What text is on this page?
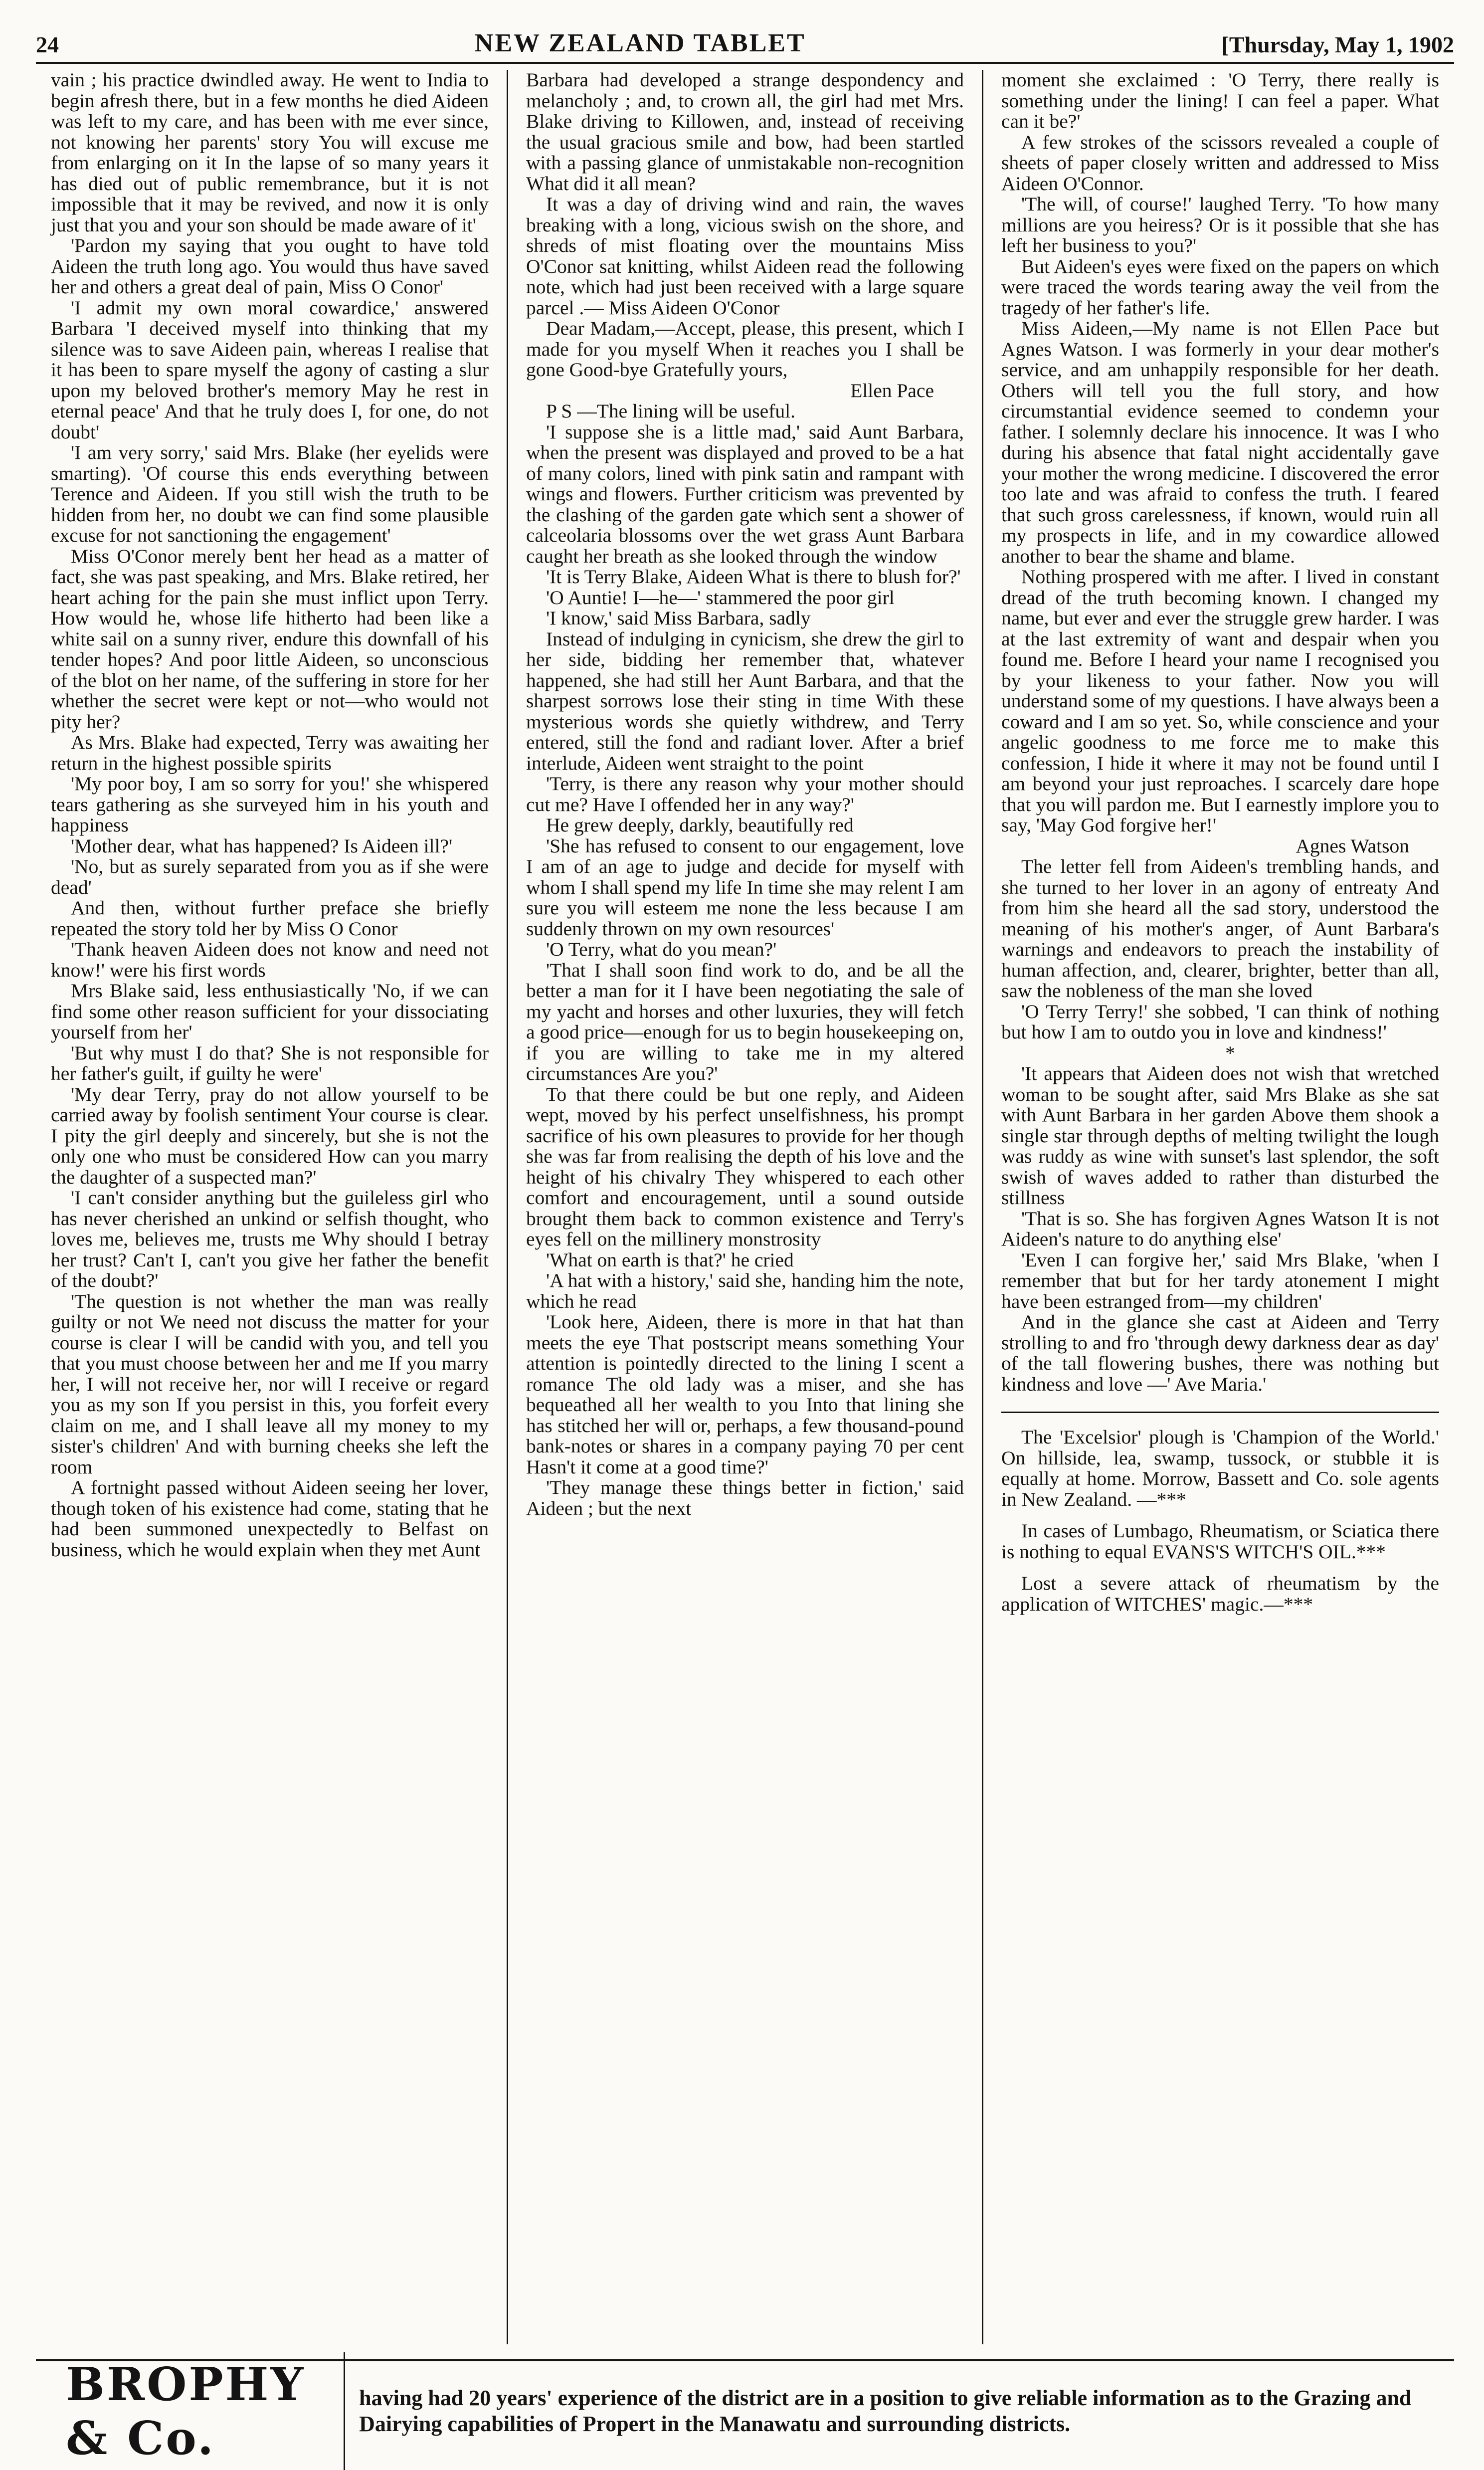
24	NEW ZEALAND TABLET	[Thursday, May 1, 1902

vain ; his practice dwindled away. He went to India to begin afresh there, but in a few months he died Aideen was left to my care, and has been with me ever since, not knowing her parents' story You will excuse me from enlarging on it In the lapse of so many years it has died out of public remembrance, but it is not impossible that it may be revived, and now it is only just that you and your son should be made aware of it'

'Pardon my saying that you ought to have told Aideen the truth long ago. You would thus have saved her and others a great deal of pain, Miss O Conor'

'I admit my own moral cowardice,' answered Barbara 'I deceived myself into thinking that my silence was to save Aideen pain, whereas I realise that it has been to spare myself the agony of casting a slur upon my beloved brother's memory May he rest in eternal peace' And that he truly does I, for one, do not doubt'

'I am very sorry,' said Mrs. Blake (her eyelids were smarting). 'Of course this ends everything between Terence and Aideen. If you still wish the truth to be hidden from her, no doubt we can find some plausible excuse for not sanctioning the engagement'

Miss O'Conor merely bent her head as a matter of fact, she was past speaking, and Mrs. Blake retired, her heart aching for the pain she must inflict upon Terry. How would he, whose life hitherto had been like a white sail on a sunny river, endure this downfall of his tender hopes? And poor little Aideen, so unconscious of the blot on her name, of the suffering in store for her whether the secret were kept or not—who would not pity her?

As Mrs. Blake had expected, Terry was awaiting her return in the highest possible spirits

'My poor boy, I am so sorry for you!' she whispered tears gathering as she surveyed him in his youth and happiness

'Mother dear, what has happened? Is Aideen ill?'

'No, but as surely separated from you as if she were dead'

And then, without further preface she briefly repeated the story told her by Miss O Conor

'Thank heaven Aideen does not know and need not know!' were his first words

Mrs Blake said, less enthusiastically 'No, if we can find some other reason sufficient for your dissociating yourself from her'

'But why must I do that? She is not responsible for her father's guilt, if guilty he were'

'My dear Terry, pray do not allow yourself to be carried away by foolish sentiment Your course is clear. I pity the girl deeply and sincerely, but she is not the only one who must be considered How can you marry the daughter of a suspected man?'

'I can't consider anything but the guileless girl who has never cherished an unkind or selfish thought, who loves me, believes me, trusts me Why should I betray her trust? Can't I, can't you give her father the benefit of the doubt?'

'The question is not whether the man was really guilty or not We need not discuss the matter for your course is clear I will be candid with you, and tell you that you must choose between her and me If you marry her, I will not receive her, nor will I receive or regard you as my son If you persist in this, you forfeit every claim on me, and I shall leave all my money to my sister's children' And with burning cheeks she left the room

A fortnight passed without Aideen seeing her lover, though token of his existence had come, stating that he had been summoned unexpectedly to Belfast on business, which he would explain when they met Aunt

Barbara had developed a strange despondency and melancholy ; and, to crown all, the girl had met Mrs. Blake driving to Killowen, and, instead of receiving the usual gracious smile and bow, had been startled with a passing glance of unmistakable non-recognition What did it all mean?

It was a day of driving wind and rain, the waves breaking with a long, vicious swish on the shore, and shreds of mist floating over the mountains Miss O'Conor sat knitting, whilst Aideen read the following note, which had just been received with a large square parcel .— Miss Aideen O'Conor

Dear Madam,—Accept, please, this present, which I made for you myself When it reaches you I shall be gone Good-bye Gratefully yours,

Ellen Pace

P S —The lining will be useful.

'I suppose she is a little mad,' said Aunt Barbara, when the present was displayed and proved to be a hat of many colors, lined with pink satin and rampant with wings and flowers. Further criticism was prevented by the clashing of the garden gate which sent a shower of calceolaria blossoms over the wet grass Aunt Barbara caught her breath as she looked through the window

'It is Terry Blake, Aideen What is there to blush for?'

'O Auntie! I—he—' stammered the poor girl

'I know,' said Miss Barbara, sadly

Instead of indulging in cynicism, she drew the girl to her side, bidding her remember that, whatever happened, she had still her Aunt Barbara, and that the sharpest sorrows lose their sting in time With these mysterious words she quietly withdrew, and Terry entered, still the fond and radiant lover. After a brief interlude, Aideen went straight to the point

'Terry, is there any reason why your mother should cut me? Have I offended her in any way?'

He grew deeply, darkly, beautifully red

'She has refused to consent to our engagement, love I am of an age to judge and decide for myself with whom I shall spend my life In time she may relent I am sure you will esteem me none the less because I am suddenly thrown on my own resources'

'O Terry, what do you mean?'

'That I shall soon find work to do, and be all the better a man for it I have been negotiating the sale of my yacht and horses and other luxuries, they will fetch a good price—enough for us to begin housekeeping on, if you are willing to take me in my altered circumstances Are you?'

To that there could be but one reply, and Aideen wept, moved by his perfect unselfishness, his prompt sacrifice of his own pleasures to provide for her though she was far from realising the depth of his love and the height of his chivalry They whispered to each other comfort and encouragement, until a sound outside brought them back to common existence and Terry's eyes fell on the millinery monstrosity

'What on earth is that?' he cried

'A hat with a history,' said she, handing him the note, which he read

'Look here, Aideen, there is more in that hat than meets the eye That postscript means something Your attention is pointedly directed to the lining I scent a romance The old lady was a miser, and she has bequeathed all her wealth to you Into that lining she has stitched her will or, perhaps, a few thousand-pound bank-notes or shares in a company paying 70 per cent Hasn't it come at a good time?'

'They manage these things better in fiction,' said Aideen ; but the next

moment she exclaimed : 'O Terry, there really is something under the lining! I can feel a paper. What can it be?'

A few strokes of the scissors revealed a couple of sheets of paper closely written and addressed to Miss Aideen O'Connor.

'The will, of course!' laughed Terry. 'To how many millions are you heiress? Or is it possible that she has left her business to you?'

But Aideen's eyes were fixed on the papers on which were traced the words tearing away the veil from the tragedy of her father's life.

Miss Aideen,—My name is not Ellen Pace but Agnes Watson. I was formerly in your dear mother's service, and am unhappily responsible for her death. Others will tell you the full story, and how circumstantial evidence seemed to condemn your father. I solemnly declare his innocence. It was I who during his absence that fatal night accidentally gave your mother the wrong medicine. I discovered the error too late and was afraid to confess the truth. I feared that such gross carelessness, if known, would ruin all my prospects in life, and in my cowardice allowed another to bear the shame and blame.

Nothing prospered with me after. I lived in constant dread of the truth becoming known. I changed my name, but ever and ever the struggle grew harder. I was at the last extremity of want and despair when you found me. Before I heard your name I recognised you by your likeness to your father. Now you will understand some of my questions. I have always been a coward and I am so yet. So, while conscience and your angelic goodness to me force me to make this confession, I hide it where it may not be found until I am beyond your just reproaches. I scarcely dare hope that you will pardon me. But I earnestly implore you to say, 'May God forgive her!'

Agnes Watson

The letter fell from Aideen's trembling hands, and she turned to her lover in an agony of entreaty And from him she heard all the sad story, understood the meaning of his mother's anger, of Aunt Barbara's warnings and endeavors to preach the instability of human affection, and, clearer, brighter, better than all, saw the nobleness of the man she loved

'O Terry Terry!' she sobbed, 'I can think of nothing but how I am to outdo you in love and kindness!'

*

'It appears that Aideen does not wish that wretched woman to be sought after, said Mrs Blake as she sat with Aunt Barbara in her garden Above them shook a single star through depths of melting twilight the lough was ruddy as wine with sunset's last splendor, the soft swish of waves added to rather than disturbed the stillness

'That is so. She has forgiven Agnes Watson It is not Aideen's nature to do anything else'

'Even I can forgive her,' said Mrs Blake, 'when I remember that but for her tardy atonement I might have been estranged from—my children'

And in the glance she cast at Aideen and Terry strolling to and fro 'through dewy darkness dear as day' of the tall flowering bushes, there was nothing but kindness and love —' Ave Maria.'

The 'Excelsior' plough is 'Champion of the World.' On hillside, lea, swamp, tussock, or stubble it is equally at home. Morrow, Bassett and Co. sole agents in New Zealand. —***

In cases of Lumbago, Rheumatism, or Sciatica there is nothing to equal EVANS'S WITCH'S OIL.***

Lost a severe attack of rheumatism by the application of WITCHES' magic.—***

BROPHY & Co.
having had 20 years' experience of the district are in a position to give reliable information as to the Grazing and Dairying capabilities of Propert in the Manawatu and surrounding districts.
